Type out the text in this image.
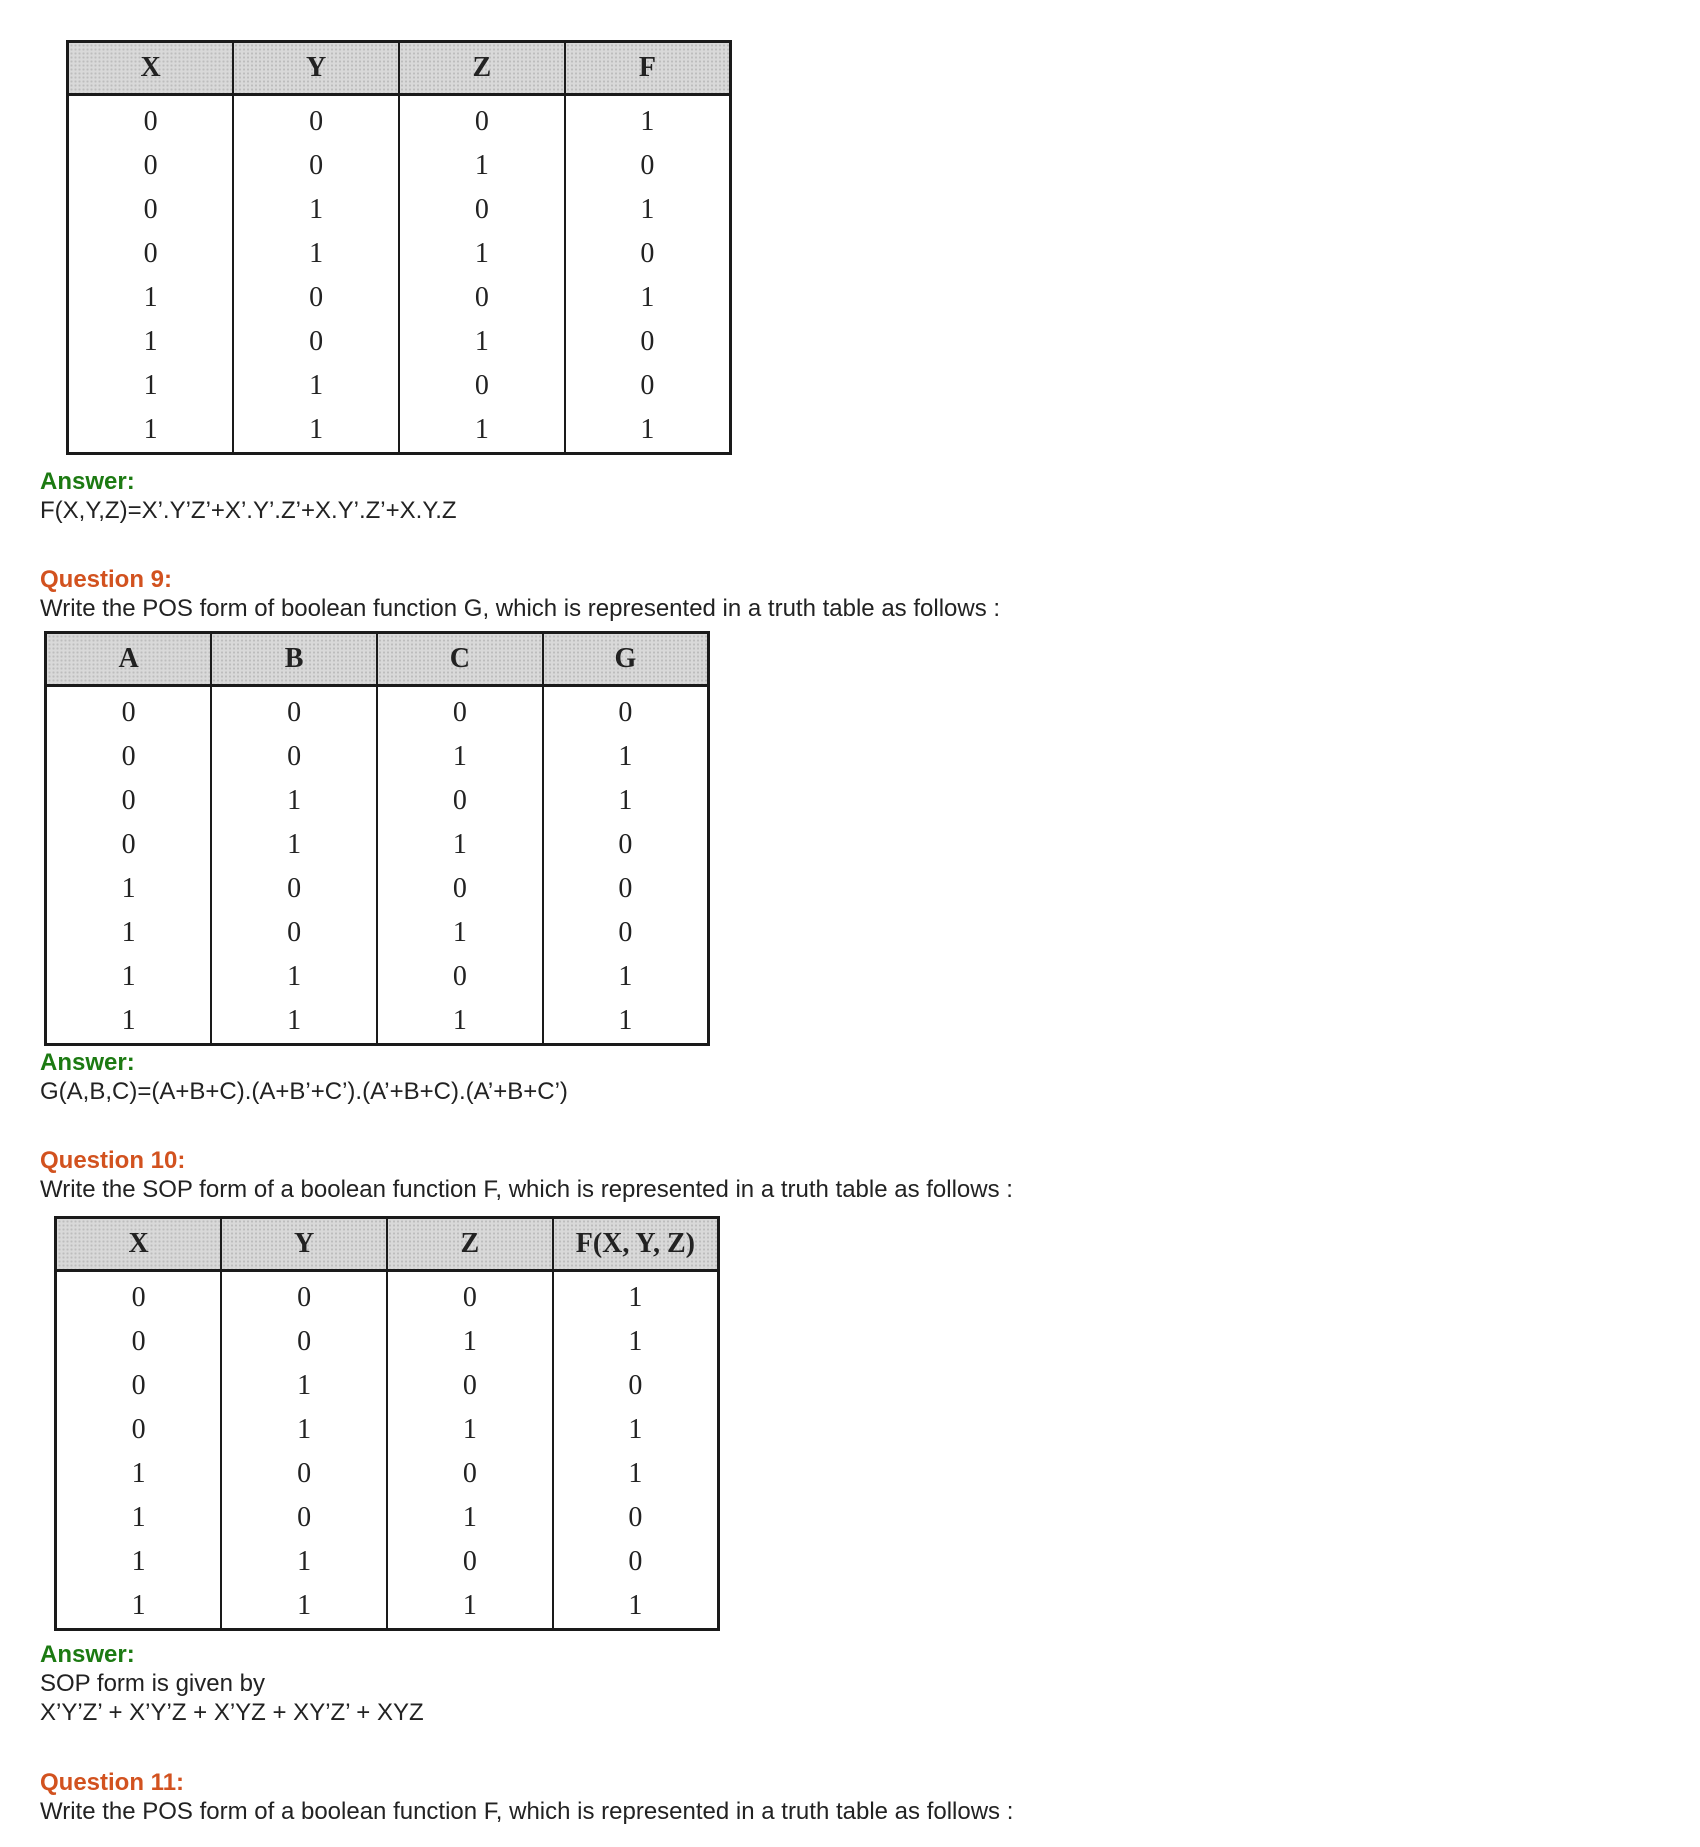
X	Y	Z	F
0	0	0	1
0	0	1	0
0	1	0	1
0	1	1	0
1	0	0	1
1	0	1	0
1	1	0	0
1	1	1	1
Answer:
F(X,Y,Z)=X’.Y’Z’+X’.Y’.Z’+X.Y’.Z’+X.Y.Z
Question 9:
Write the POS form of boolean function G, which is represented in a truth table as follows :
A	B	C	G
0	0	0	0
0	0	1	1
0	1	0	1
0	1	1	0
1	0	0	0
1	0	1	0
1	1	0	1
1	1	1	1
Answer:
G(A,B,C)=(A+B+C).(A+B’+C’).(A’+B+C).(A’+B+C’)
Question 10:
Write the SOP form of a boolean function F, which is represented in a truth table as follows :
X	Y	Z	F(X, Y, Z)
0	0	0	1
0	0	1	1
0	1	0	0
0	1	1	1
1	0	0	1
1	0	1	0
1	1	0	0
1	1	1	1
Answer:
SOP form is given by
X’Y’Z’ + X’Y’Z + X’YZ + XY’Z’ + XYZ
Question 11:
Write the POS form of a boolean function F, which is represented in a truth table as follows :
